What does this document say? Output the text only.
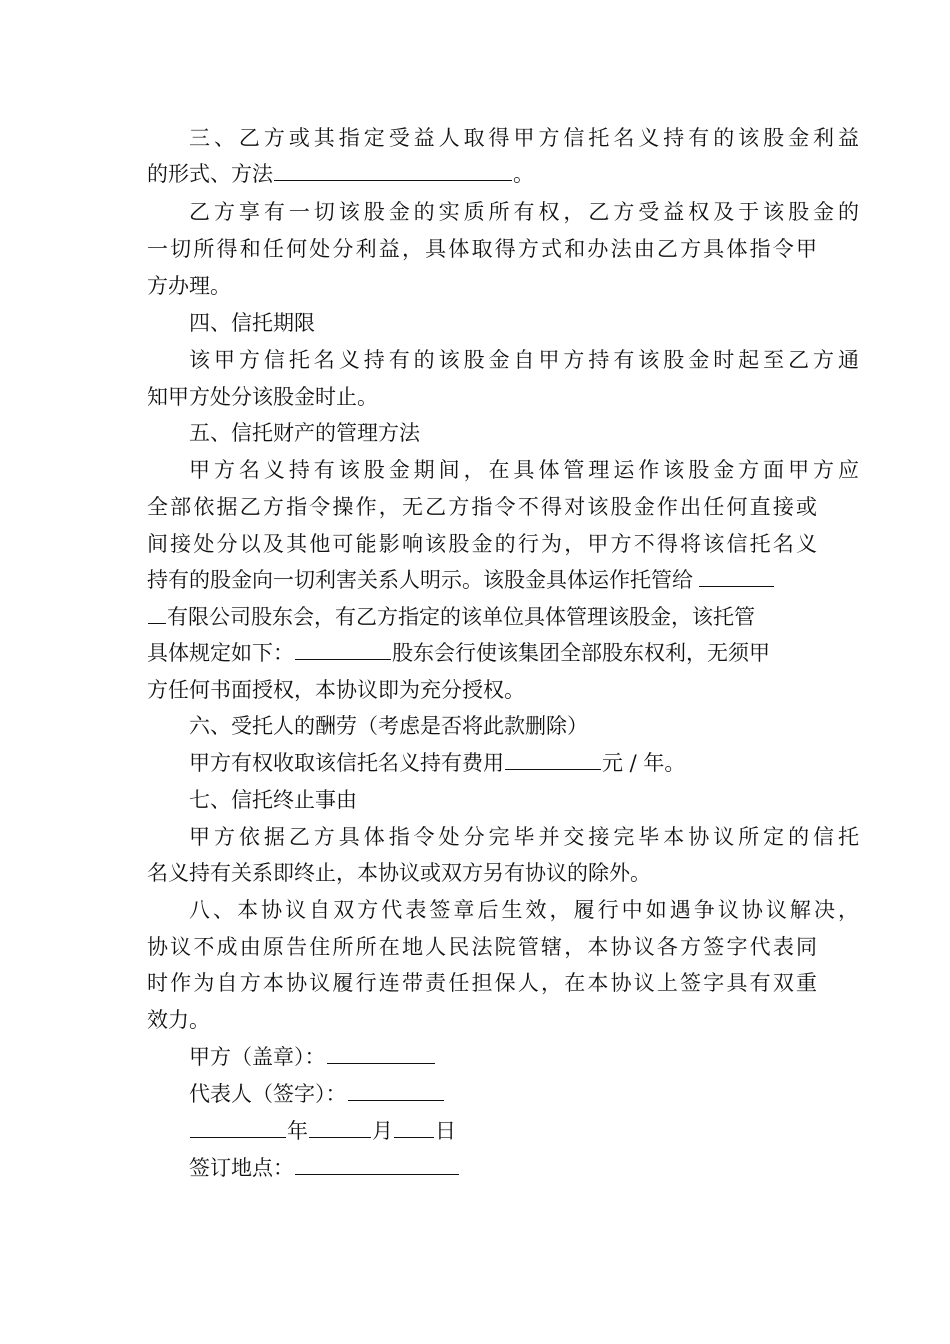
三、乙方或其指定受益人取得甲方信托名义持有的该股金利益
的形式、方法	。
乙方享有一切该股金的实质所有权，乙方受益权及于该股金的
一切所得和任何处分利益，具体取得方式和办法由乙方具体指令甲
方办理。
四、信托期限
该甲方信托名义持有的该股金自甲方持有该股金时起至乙方通
知甲方处分该股金时止。
五、信托财产的管理方法
甲方名义持有该股金期间，在具体管理运作该股金方面甲方应
全部依据乙方指令操作，无乙方指令不得对该股金作出任何直接或
间接处分以及其他可能影响该股金的行为，甲方不得将该信托名义
持有的股金向一切利害关系人明示。该股金具体运作托管给
有限公司股东会，有乙方指定的该单位具体管理该股金，该托管
具体规定如下：	股东会行使该集团全部股东权利，无须甲
方任何书面授权，本协议即为充分授权。
六、受托人的酬劳（考虑是否将此款删除）
甲方有权收取该信托名义持有费用	元 / 年。
七、信托终止事由
甲方依据乙方具体指令处分完毕并交接完毕本协议所定的信托
名义持有关系即终止，本协议或双方另有协议的除外。
八、本协议自双方代表签章后生效，履行中如遇争议协议解决，
协议不成由原告住所所在地人民法院管辖，本协议各方签字代表同
时作为自方本协议履行连带责任担保人，在本协议上签字具有双重
效力。
甲方（盖章）：
代表人（签字）：
年	月 日
签订地点：
